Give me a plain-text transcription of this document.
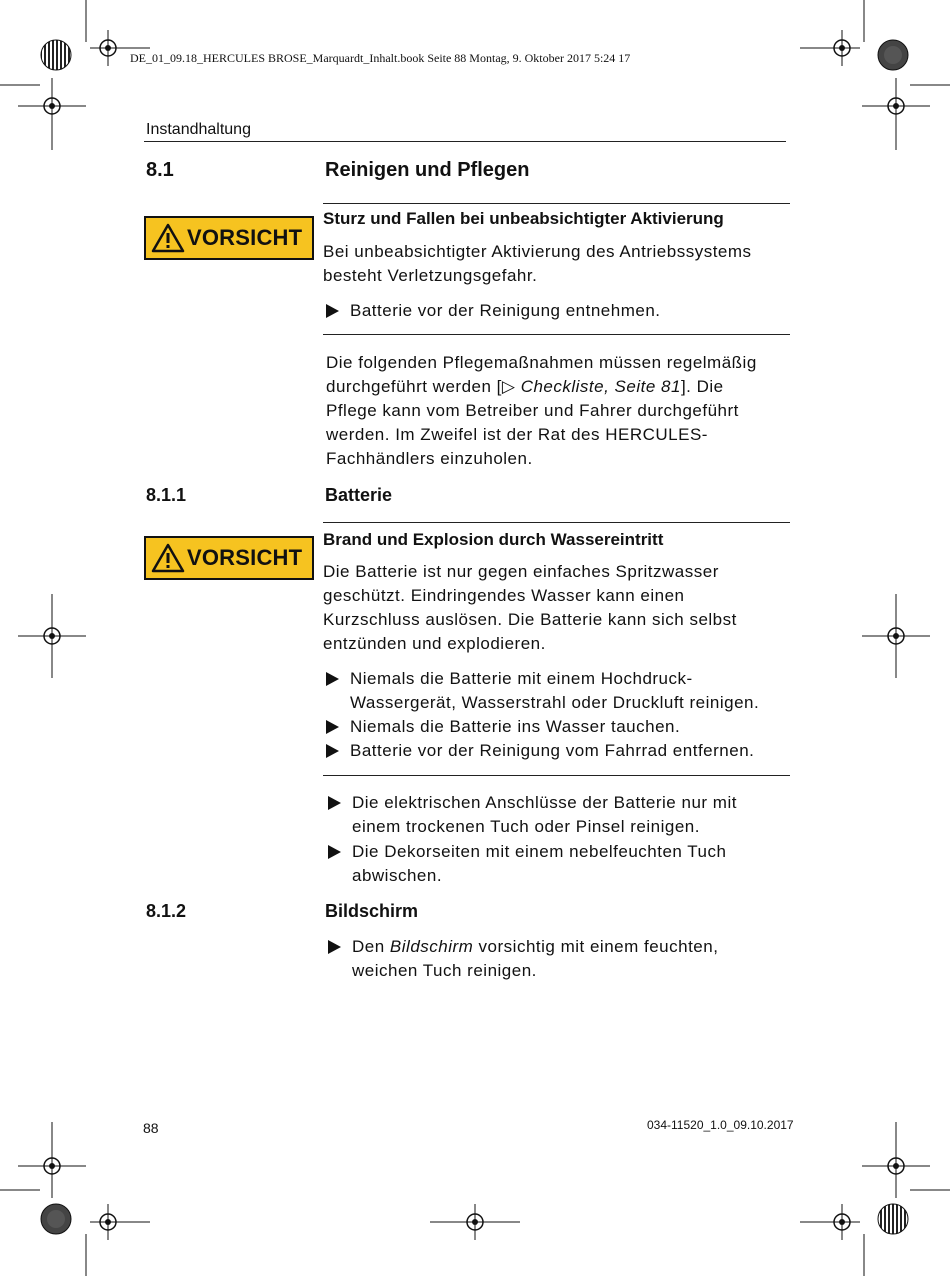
DE_01_09.18_HERCULES BROSE_Marquardt_Inhalt.book Seite 88 Montag, 9. Oktober 2017 5:24 17
Instandhaltung
8.1	Reinigen und Pflegen
VORSICHT
Sturz und Fallen bei unbeabsichtigter Aktivierung
Bei unbeabsichtigter Aktivierung des Antriebssystems
besteht Verletzungsgefahr.
Batterie vor der Reinigung entnehmen.
Die folgenden Pflegemaßnahmen müssen regelmäßig
durchgeführt werden [▷ Checkliste, Seite 81]. Die
Pflege kann vom Betreiber und Fahrer durchgeführt
werden. Im Zweifel ist der Rat des HERCULES-
Fachhändlers einzuholen.
8.1.1	Batterie
VORSICHT
Brand und Explosion durch Wassereintritt
Die Batterie ist nur gegen einfaches Spritzwasser
geschützt. Eindringendes Wasser kann einen
Kurzschluss auslösen. Die Batterie kann sich selbst
entzünden und explodieren.
Niemals die Batterie mit einem Hochdruck-
Wassergerät, Wasserstrahl oder Druckluft reinigen.
Niemals die Batterie ins Wasser tauchen.
Batterie vor der Reinigung vom Fahrrad entfernen.
Die elektrischen Anschlüsse der Batterie nur mit
einem trockenen Tuch oder Pinsel reinigen.
Die Dekorseiten mit einem nebelfeuchten Tuch
abwischen.
8.1.2	Bildschirm
Den Bildschirm vorsichtig mit einem feuchten,
weichen Tuch reinigen.
88	034-11520_1.0_09.10.2017
